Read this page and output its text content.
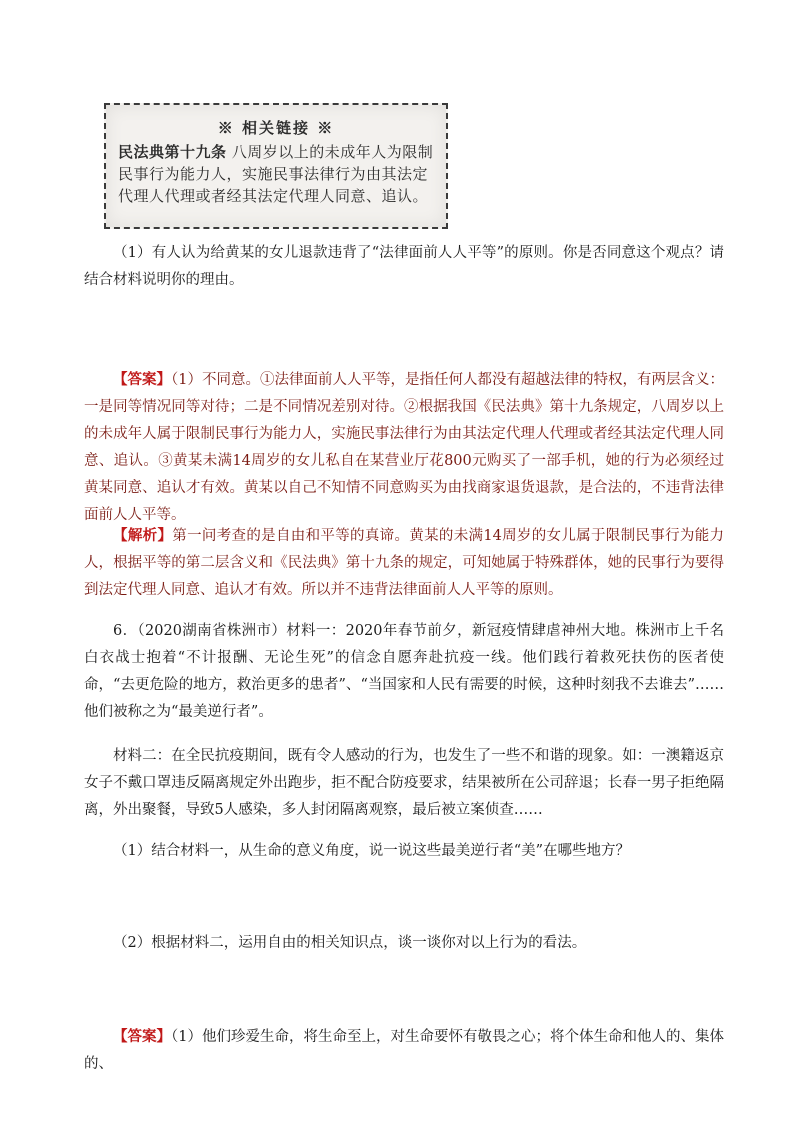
※ 相关链接 ※
民法典第十九条 八周岁以上的未成年人为限制民事行为能力人，实施民事法律行为由其法定代理人代理或者经其法定代理人同意、追认。
（1）有人认为给黄某的女儿退款违背了“法律面前人人平等”的原则。你是否同意这个观点？请结合材料说明你的理由。
【答案】（1）不同意。①法律面前人人平等，是指任何人都没有超越法律的特权，有两层含义：一是同等情况同等对待；二是不同情况差别对待。②根据我国《民法典》第十九条规定，八周岁以上的未成年人属于限制民事行为能力人，实施民事法律行为由其法定代理人代理或者经其法定代理人同意、追认。③黄某未满14周岁的女儿私自在某营业厅花800元购买了一部手机，她的行为必须经过黄某同意、追认才有效。黄某以自己不知情不同意购买为由找商家退货退款，是合法的，不违背法律面前人人平等。
【解析】第一问考查的是自由和平等的真谛。黄某的未满14周岁的女儿属于限制民事行为能力人，根据平等的第二层含义和《民法典》第十九条的规定，可知她属于特殊群体，她的民事行为要得到法定代理人同意、追认才有效。所以并不违背法律面前人人平等的原则。
6．（2020湖南省株洲市）材料一：2020年春节前夕，新冠疫情肆虐神州大地。株洲市上千名白衣战士抱着“不计报酬、无论生死”的信念自愿奔赴抗疫一线。他们践行着救死扶伤的医者使命，“去更危险的地方，救治更多的患者”、“当国家和人民有需要的时候，这种时刻我不去谁去”……他们被称之为“最美逆行者”。
材料二：在全民抗疫期间，既有令人感动的行为，也发生了一些不和谐的现象。如：一澳籍返京女子不戴口罩违反隔离规定外出跑步，拒不配合防疫要求，结果被所在公司辞退；长春一男子拒绝隔离，外出聚餐，导致5人感染，多人封闭隔离观察，最后被立案侦查……
（1）结合材料一，从生命的意义角度，说一说这些最美逆行者“美”在哪些地方？
（2）根据材料二，运用自由的相关知识点，谈一谈你对以上行为的看法。
【答案】（1）他们珍爱生命，将生命至上，对生命要怀有敬畏之心；将个体生命和他人的、集体的、
